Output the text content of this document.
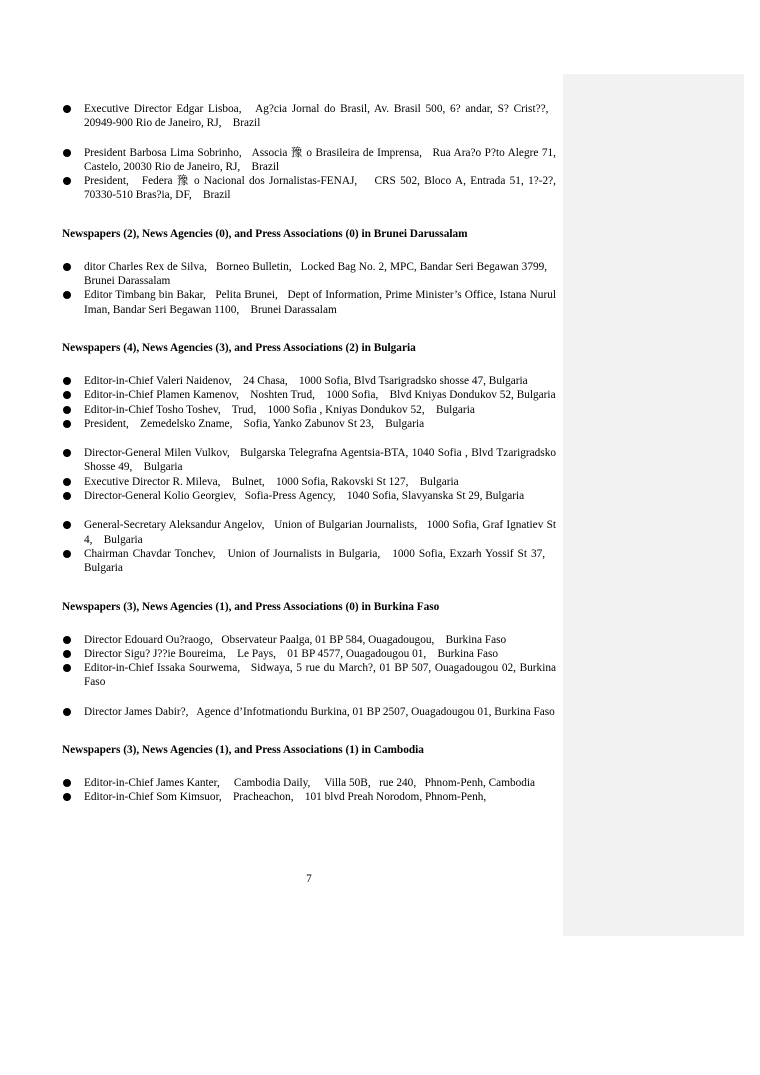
Executive Director Edgar Lisboa,   Ag?cia Jornal do Brasil, Av. Brasil 500, 6? andar, S? Crist??,   20949-900 Rio de Janeiro, RJ,    Brazil
President Barbosa Lima Sobrinho,   Associa 豫 o Brasileira de Imprensa,   Rua Ara?o P?to Alegre 71, Castelo, 20030 Rio de Janeiro, RJ,    Brazil
President,   Federa 豫 o Nacional dos Jornalistas-FENAJ,    CRS 502, Bloco A, Entrada 51, 1?-2?, 70330-510 Bras?ia, DF,    Brazil
Newspapers (2), News Agencies (0), and Press Associations (0) in Brunei Darussalam
ditor Charles Rex de Silva,   Borneo Bulletin,   Locked Bag No. 2, MPC, Bandar Seri Begawan 3799,    Brunei Darassalam
Editor Timbang bin Bakar,   Pelita Brunei,   Dept of Information, Prime Minister’s Office, Istana Nurul Iman, Bandar Seri Begawan 1100,    Brunei Darassalam
Newspapers (4), News Agencies (3), and Press Associations (2) in Bulgaria
Editor-in-Chief Valeri Naidenov,    24 Chasa,    1000 Sofia, Blvd Tsarigradsko shosse 47, Bulgaria
Editor-in-Chief Plamen Kamenov,    Noshten Trud,    1000 Sofia,    Blvd Kniyas Dondukov 52, Bulgaria
Editor-in-Chief Tosho Toshev,    Trud,    1000 Sofia , Kniyas Dondukov 52,    Bulgaria
President,    Zemedelsko Zname,    Sofia, Yanko Zabunov St 23,    Bulgaria
Director-General Milen Vulkov,   Bulgarska Telegrafna Agentsia-BTA, 1040 Sofia , Blvd Tzarigradsko Shosse 49,    Bulgaria
Executive Director R. Mileva,    Bulnet,    1000 Sofia, Rakovski St 127,    Bulgaria
Director-General Kolio Georgiev,   Sofia-Press Agency,    1040 Sofia, Slavyanska St 29, Bulgaria
General-Secretary Aleksandur Angelov,   Union of Bulgarian Journalists,   1000 Sofia, Graf Ignatiev St 4,    Bulgaria
Chairman Chavdar Tonchev,   Union of Journalists in Bulgaria,   1000 Sofia, Exzarh Yossif St 37,    Bulgaria
Newspapers (3), News Agencies (1), and Press Associations (0) in Burkina Faso
Director Edouard Ou?raogo,   Observateur Paalga, 01 BP 584, Ouagadougou,    Burkina Faso
Director Sigu? J??ie Boureima,    Le Pays,    01 BP 4577, Ouagadougou 01,    Burkina Faso
Editor-in-Chief Issaka Sourwema,   Sidwaya, 5 rue du March?, 01 BP 507, Ouagadougou 02, Burkina Faso
Director James Dabir?,   Agence d’Infotmationdu Burkina, 01 BP 2507, Ouagadougou 01, Burkina Faso
Newspapers (3), News Agencies (1), and Press Associations (1) in Cambodia
Editor-in-Chief James Kanter,     Cambodia Daily,     Villa 50B,   rue 240,   Phnom-Penh, Cambodia
Editor-in-Chief Som Kimsuor,    Pracheachon,    101 blvd Preah Norodom, Phnom-Penh,
7
